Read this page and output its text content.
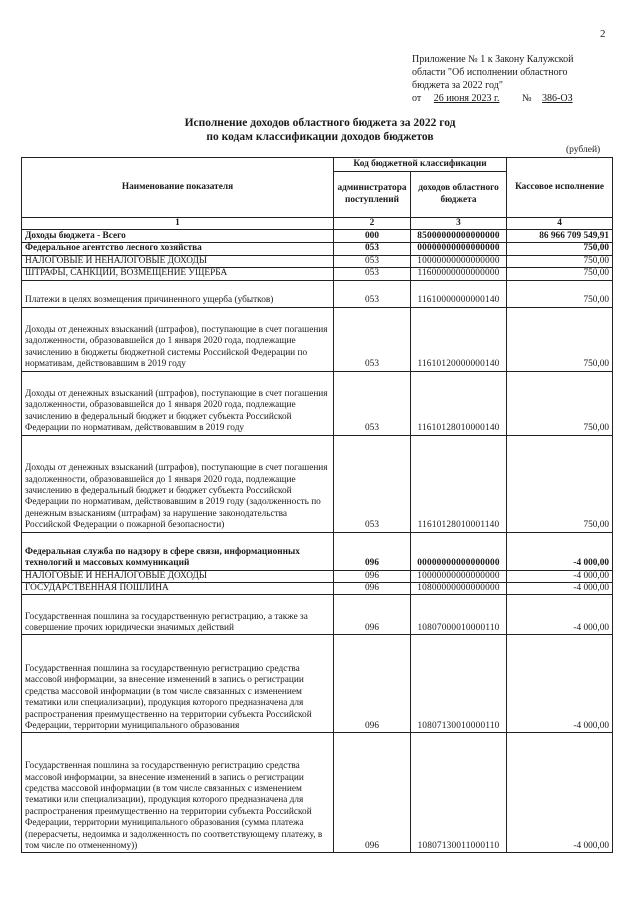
2
Приложение № 1 к Закону Калужской
области "Об исполнении областного
бюджета за 2022 год"
от 26 июня 2023 г. № 386-ОЗ
Исполнение доходов областного бюджета за 2022 год
по кодам классификации доходов бюджетов
(рублей)
Наименование показателя	Код бюджетной классификации		Кассовое исполнение
	администратора поступлений	доходов областного бюджета	
1	2	3	4
Доходы бюджета - Всего	000	85000000000000000	86 966 709 549,91
Федеральное агентство лесного хозяйства	053	00000000000000000	750,00
НАЛОГОВЫЕ И НЕНАЛОГОВЫЕ ДОХОДЫ	053	10000000000000000	750,00
ШТРАФЫ, САНКЦИИ, ВОЗМЕЩЕНИЕ УЩЕРБА	053	11600000000000000	750,00
Платежи в целях возмещения причиненного ущерба (убытков)	053	11610000000000140	750,00
Доходы от денежных взысканий (штрафов), поступающие в счет погашения задолженности, образовавшейся до 1 января 2020 года, подлежащие зачислению в бюджеты бюджетной системы Российской Федерации по нормативам, действовавшим в 2019 году	053	11610120000000140	750,00
Доходы от денежных взысканий (штрафов), поступающие в счет погашения задолженности, образовавшейся до 1 января 2020 года, подлежащие зачислению в федеральный бюджет и бюджет субъекта Российской Федерации по нормативам, действовавшим в 2019 году	053	11610128010000140	750,00
Доходы от денежных взысканий (штрафов), поступающие в счет погашения задолженности, образовавшейся до 1 января 2020 года, подлежащие зачислению в федеральный бюджет и бюджет субъекта Российской Федерации по нормативам, действовавшим в 2019 году (задолженность по денежным взысканиям (штрафам) за нарушение законодательства Российской Федерации о пожарной безопасности)	053	11610128010001140	750,00
Федеральная служба по надзору в сфере связи, информационных технологий и массовых коммуникаций	096	00000000000000000	-4 000,00
НАЛОГОВЫЕ И НЕНАЛОГОВЫЕ ДОХОДЫ	096	10000000000000000	-4 000,00
ГОСУДАРСТВЕННАЯ ПОШЛИНА	096	10800000000000000	-4 000,00
Государственная пошлина за государственную регистрацию, а также за совершение прочих юридически значимых действий	096	10807000010000110	-4 000,00
Государственная пошлина за государственную регистрацию средства массовой информации, за внесение изменений в запись о регистрации средства массовой информации (в том числе связанных с изменением тематики или специализации), продукция которого предназначена для распространения преимущественно на территории субъекта Российской Федерации, территории муниципального образования	096	10807130010000110	-4 000,00
Государственная пошлина за государственную регистрацию средства массовой информации, за внесение изменений в запись о регистрации средства массовой информации (в том числе связанных с изменением тематики или специализации), продукция которого предназначена для распространения преимущественно на территории субъекта Российской Федерации, территории муниципального образования (сумма платежа (перерасчеты, недоимка и задолженность по соответствующему платежу, в том числе по отмененному))	096	10807130011000110	-4 000,00
